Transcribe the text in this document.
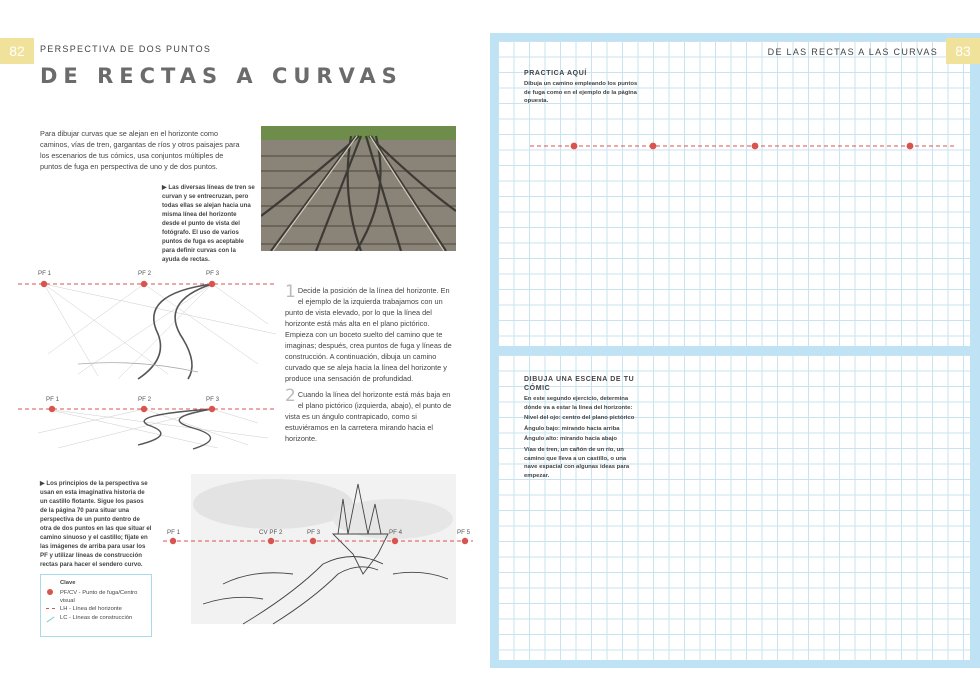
82	PERSPECTIVA DE DOS PUNTOS
DE RECTAS A CURVAS
Para dibujar curvas que se alejan en el horizonte como caminos, vías de tren, gargantas de ríos y otros paisajes para los escenarios de tus cómics, usa conjuntos múltiples de puntos de fuga en perspectiva de uno y de dos puntos.
▶ Las diversas líneas de tren se curvan y se entrecruzan, pero todas ellas se alejan hacia una misma línea del horizonte desde el punto de vista del fotógrafo. El uso de varios puntos de fuga es aceptable para definir curvas con la ayuda de rectas.
PF 1	PF 2	PF 3
PF 1	PF 2	PF 3
1 Decide la posición de la línea del horizonte. En el ejemplo de la izquierda trabajamos con un punto de vista elevado, por lo que la línea del horizonte está más alta en el plano pictórico. Empieza con un boceto suelto del camino que te imaginas; después, crea puntos de fuga y líneas de construcción. A continuación, dibuja un camino curvado que se aleja hacia la línea del horizonte y produce una sensación de profundidad.
2 Cuando la línea del horizonte está más baja en el plano pictórico (izquierda, abajo), el punto de vista es un ángulo contrapicado, como si estuviéramos en la carretera mirando hacia el horizonte.
▶ Los principios de la perspectiva se usan en esta imaginativa historia de un castillo flotante. Sigue los pasos de la página 70 para situar una perspectiva de un punto dentro de otra de dos puntos en las que situar el camino sinuoso y el castillo; fíjate en las imágenes de arriba para usar los PF y utilizar líneas de construcción rectas para hacer el sendero curvo.
PF 1	CV PF 2	PF 3	PF 4	PF 5
Clave
PF/CV - Punto de fuga/Centro visual
LH - Línea del horizonte
LC - Líneas de construcción
DE LAS RECTAS A LAS CURVAS	83
PRACTICA AQUÍ
Dibuja un camino empleando los puntos de fuga como en el ejemplo de la página opuesta.
DIBUJA UNA ESCENA DE TU CÓMIC
En este segundo ejercicio, determina dónde va a estar la línea del horizonte:
Nivel del ojo: centro del plano pictórico
Ángulo bajo: mirando hacia arriba
Ángulo alto: mirando hacia abajo
Vías de tren, un cañón de un río, un camino que lleva a un castillo, o una nave espacial con algunas ideas para empezar.
